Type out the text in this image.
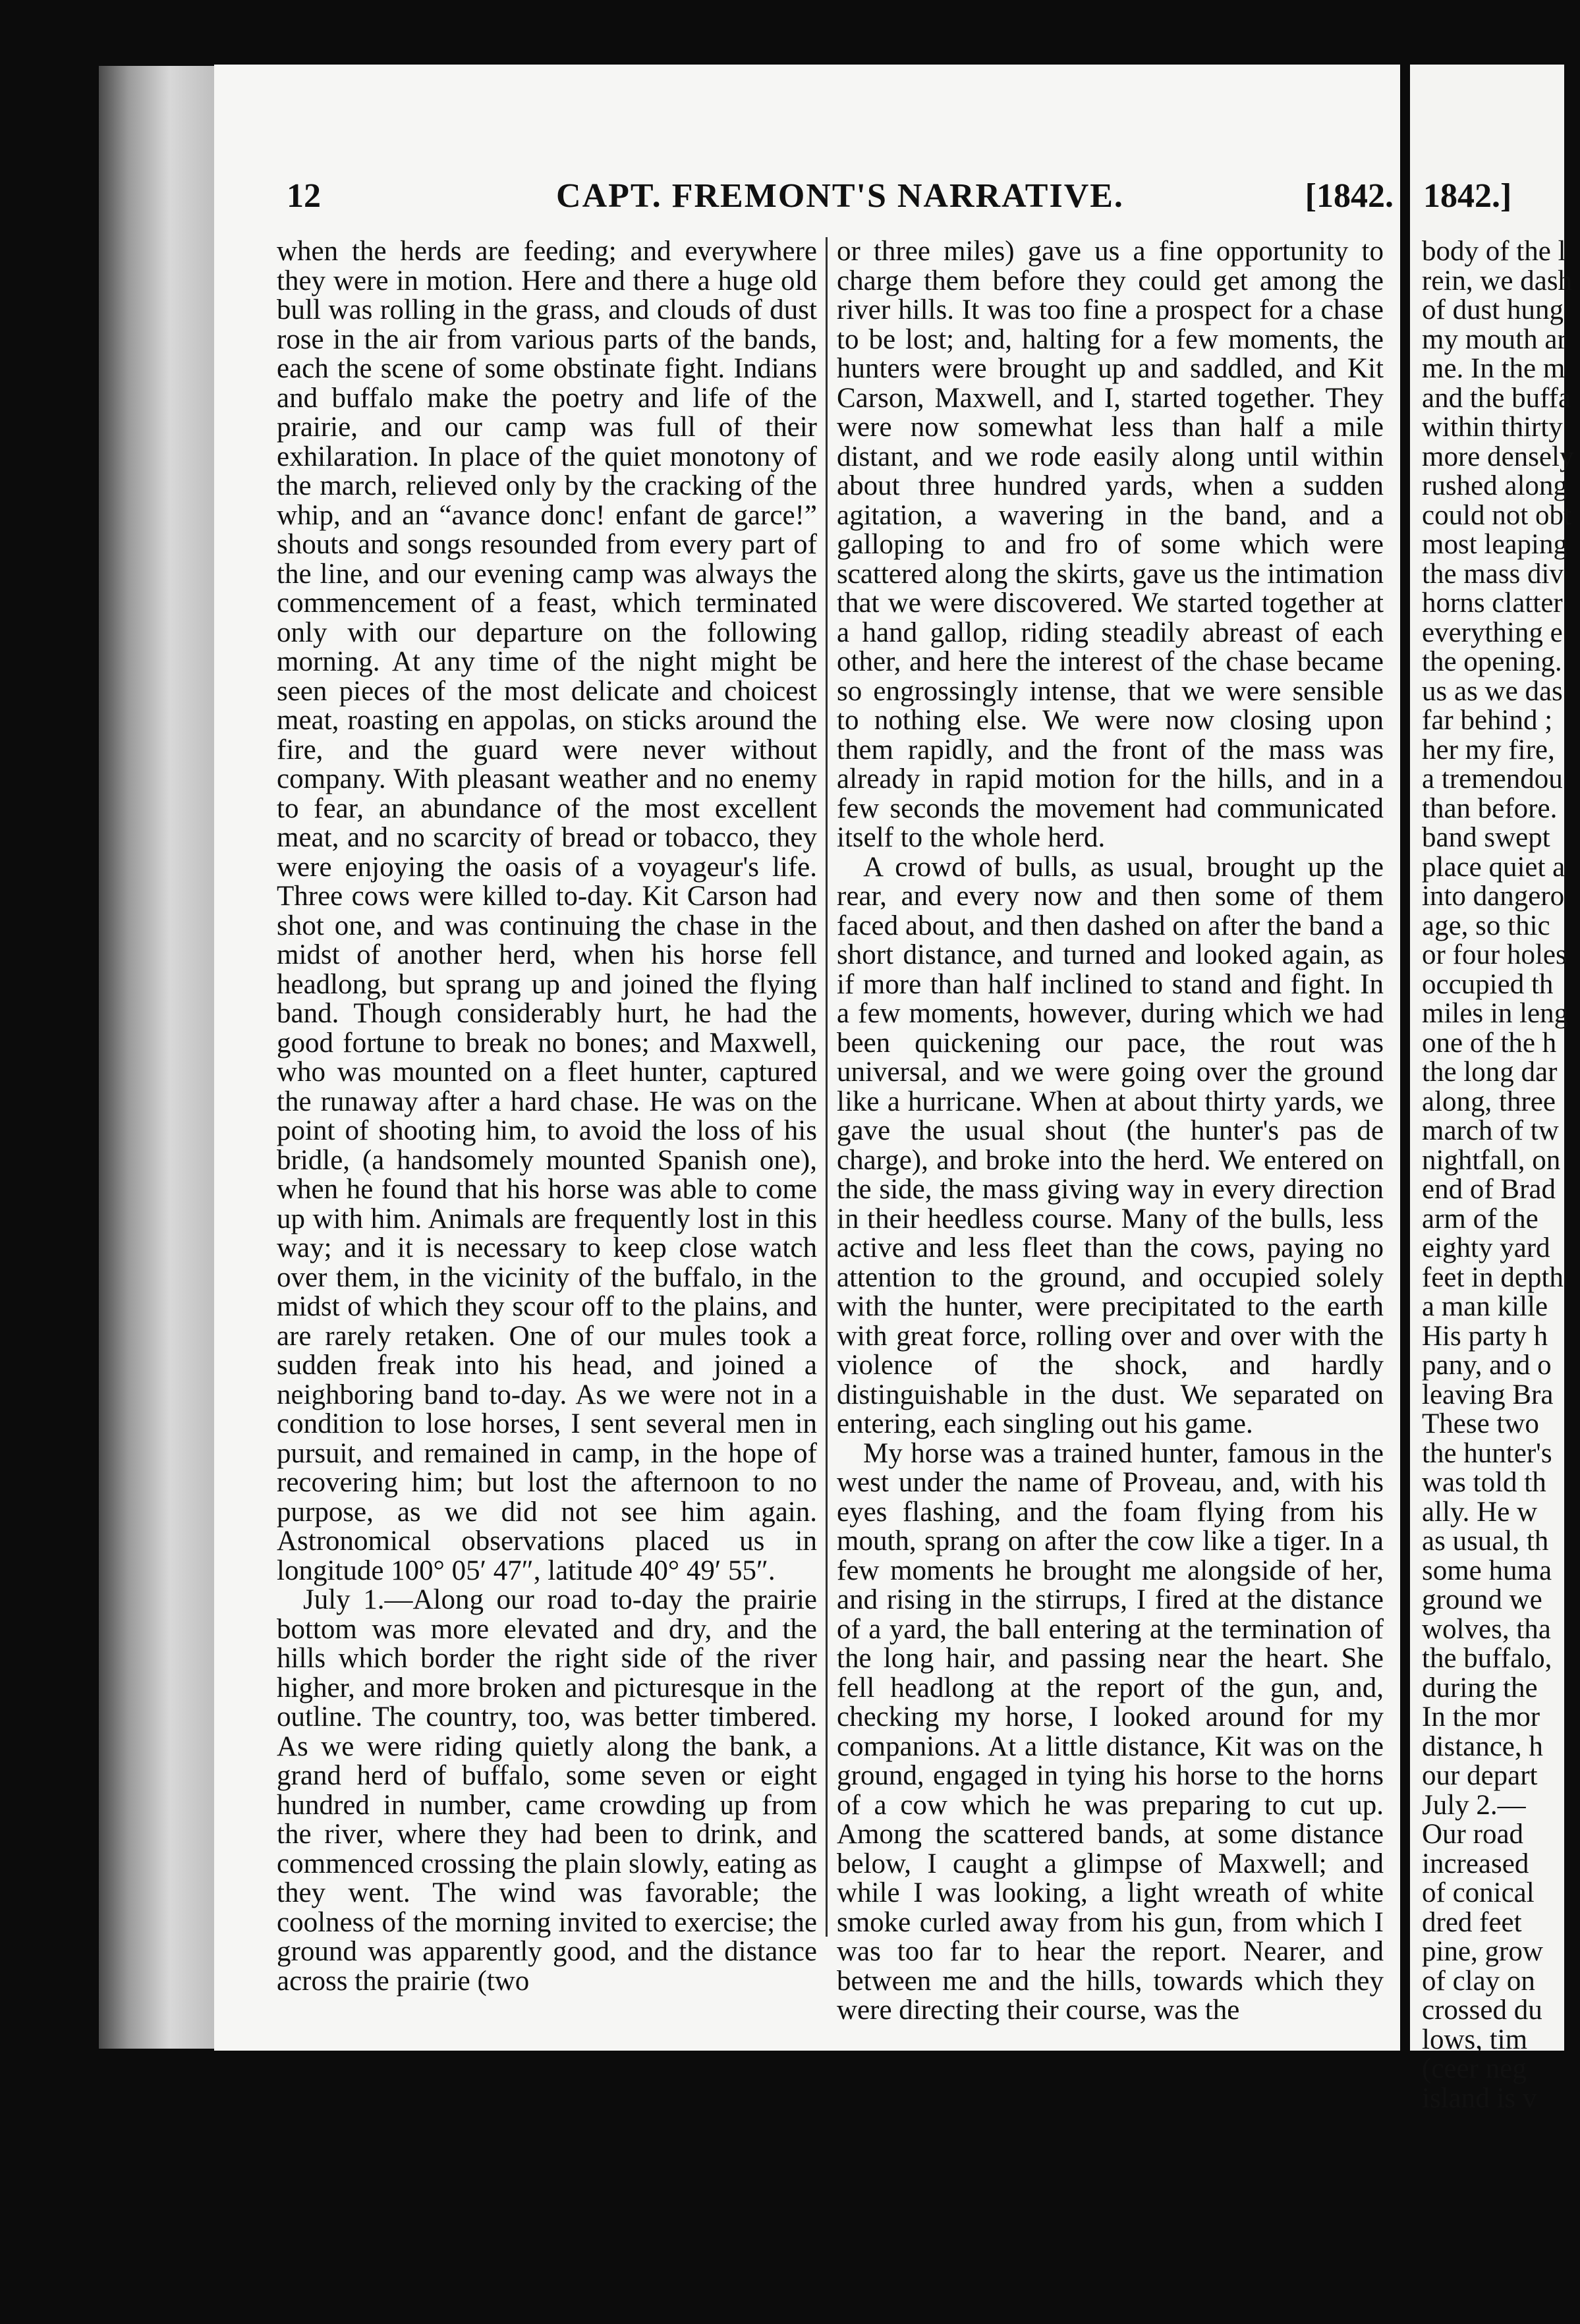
12	CAPT. FREMONT'S NARRATIVE.	[1842.

when the herds are feeding; and everywhere they were in motion. Here and there a huge old bull was rolling in the grass, and clouds of dust rose in the air from various parts of the bands, each the scene of some obstinate fight. Indians and buffalo make the poetry and life of the prairie, and our camp was full of their exhilaration. In place of the quiet monotony of the march, relieved only by the cracking of the whip, and an “avance donc! enfant de garce!” shouts and songs resounded from every part of the line, and our evening camp was always the commencement of a feast, which terminated only with our departure on the following morning. At any time of the night might be seen pieces of the most delicate and choicest meat, roasting en appolas, on sticks around the fire, and the guard were never without company. With pleasant weather and no enemy to fear, an abundance of the most excellent meat, and no scarcity of bread or tobacco, they were enjoying the oasis of a voyageur's life. Three cows were killed to-day. Kit Carson had shot one, and was continuing the chase in the midst of another herd, when his horse fell headlong, but sprang up and joined the flying band. Though considerably hurt, he had the good fortune to break no bones; and Maxwell, who was mounted on a fleet hunter, captured the runaway after a hard chase. He was on the point of shooting him, to avoid the loss of his bridle, (a handsomely mounted Spanish one), when he found that his horse was able to come up with him. Animals are frequently lost in this way; and it is necessary to keep close watch over them, in the vicinity of the buffalo, in the midst of which they scour off to the plains, and are rarely retaken. One of our mules took a sudden freak into his head, and joined a neighboring band to-day. As we were not in a condition to lose horses, I sent several men in pursuit, and remained in camp, in the hope of recovering him; but lost the afternoon to no purpose, as we did not see him again. Astronomical observations placed us in longitude 100° 05′ 47″, latitude 40° 49′ 55″.

July 1.—Along our road to-day the prairie bottom was more elevated and dry, and the hills which border the right side of the river higher, and more broken and picturesque in the outline. The country, too, was better timbered. As we were riding quietly along the bank, a grand herd of buffalo, some seven or eight hundred in number, came crowding up from the river, where they had been to drink, and commenced crossing the plain slowly, eating as they went. The wind was favorable; the coolness of the morning invited to exercise; the ground was apparently good, and the distance across the prairie (two

or three miles) gave us a fine opportunity to charge them before they could get among the river hills. It was too fine a prospect for a chase to be lost; and, halting for a few moments, the hunters were brought up and saddled, and Kit Carson, Maxwell, and I, started together. They were now somewhat less than half a mile distant, and we rode easily along until within about three hundred yards, when a sudden agitation, a wavering in the band, and a galloping to and fro of some which were scattered along the skirts, gave us the intimation that we were discovered. We started together at a hand gallop, riding steadily abreast of each other, and here the interest of the chase became so engrossingly intense, that we were sensible to nothing else. We were now closing upon them rapidly, and the front of the mass was already in rapid motion for the hills, and in a few seconds the movement had communicated itself to the whole herd.

A crowd of bulls, as usual, brought up the rear, and every now and then some of them faced about, and then dashed on after the band a short distance, and turned and looked again, as if more than half inclined to stand and fight. In a few moments, however, during which we had been quickening our pace, the rout was universal, and we were going over the ground like a hurricane. When at about thirty yards, we gave the usual shout (the hunter's pas de charge), and broke into the herd. We entered on the side, the mass giving way in every direction in their heedless course. Many of the bulls, less active and less fleet than the cows, paying no attention to the ground, and occupied solely with the hunter, were precipitated to the earth with great force, rolling over and over with the violence of the shock, and hardly distinguishable in the dust. We separated on entering, each singling out his game.

My horse was a trained hunter, famous in the west under the name of Proveau, and, with his eyes flashing, and the foam flying from his mouth, sprang on after the cow like a tiger. In a few moments he brought me alongside of her, and rising in the stirrups, I fired at the distance of a yard, the ball entering at the termination of the long hair, and passing near the heart. She fell headlong at the report of the gun, and, checking my horse, I looked around for my companions. At a little distance, Kit was on the ground, engaged in tying his horse to the horns of a cow which he was preparing to cut up. Among the scattered bands, at some distance below, I caught a glimpse of Maxwell; and while I was looking, a light wreath of white smoke curled away from his gun, from which I was too far to hear the report. Nearer, and between me and the hills, towards which they were directing their course, was the

1842.]
body of the l
rein, we dash
of dust hung
my mouth ar
me. In the m
and the buffa
within thirty
more densely
rushed along
could not obt
most leaping
the mass div
horns clatter
everything e
the opening.
us as we das
far behind ;
her my fire,
a tremendou
than before.
band swept
place quiet a
into dangero
age, so thic
or four holes
occupied th
miles in leng
one of the h
the long dar
along, three
march of tw
nightfall, on
end of Brad
arm of the
eighty yard
feet in depth
a man kille
His party h
pany, and o
leaving Bra
These two
the hunter's
was told th
ally. He w
as usual, th
some huma
ground we
wolves, tha
the buffalo,
during the
In the mor
distance, h
our depart
July 2.—
Our road
increased
of conical
dred feet
pine, grow
of clay on
crossed du
lows, tim
(ceer neg
island is v
